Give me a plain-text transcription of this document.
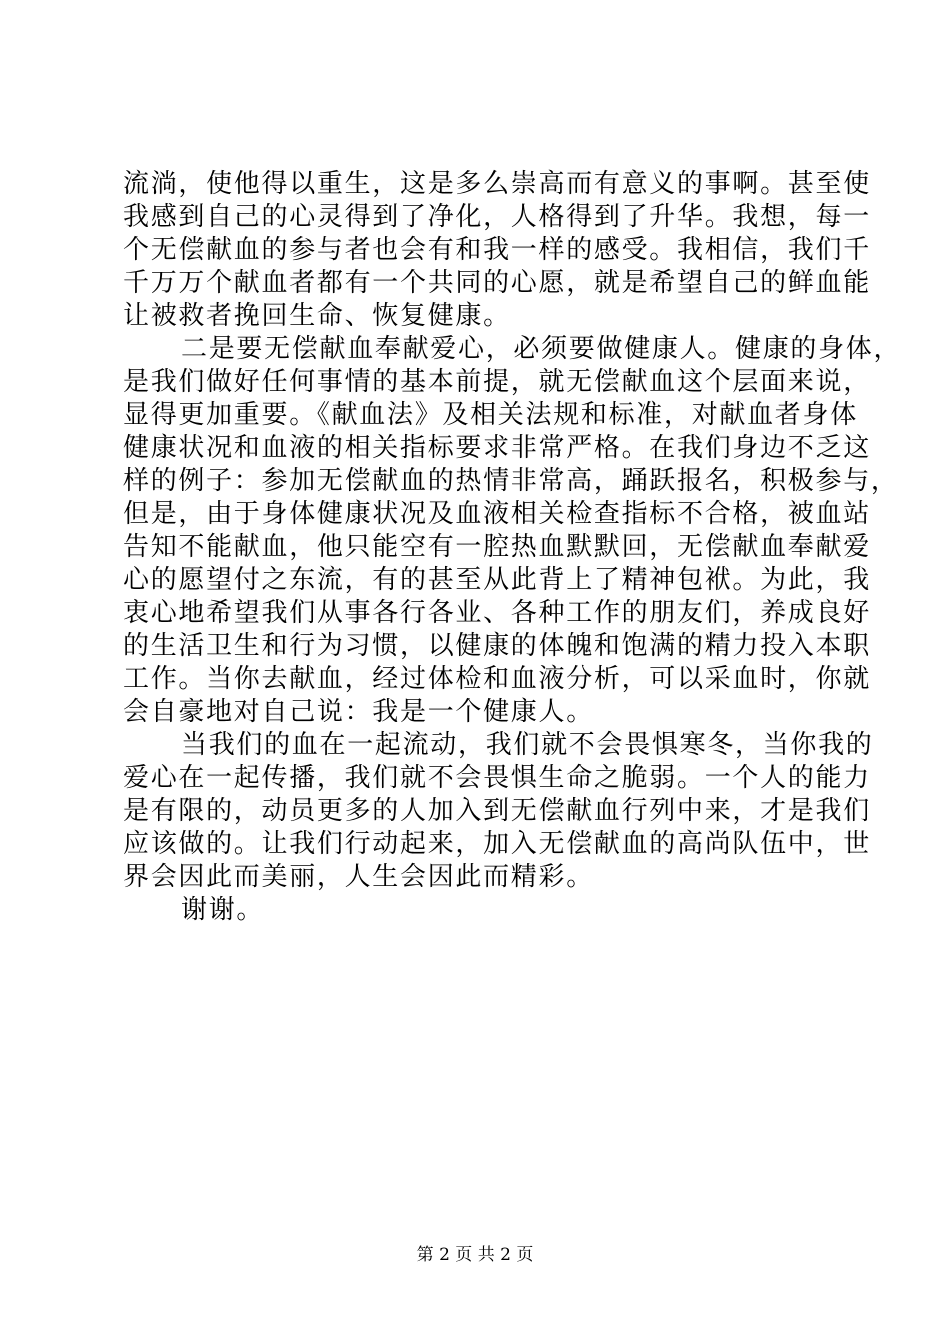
流淌，使他得以重生，这是多么崇高而有意义的事啊。甚至使
我感到自己的心灵得到了净化，人格得到了升华。我想，每一
个无偿献血的参与者也会有和我一样的感受。我相信，我们千
千万万个献血者都有一个共同的心愿，就是希望自己的鲜血能
让被救者挽回生命、恢复健康。
二是要无偿献血奉献爱心，必须要做健康人。健康的身体，
是我们做好任何事情的基本前提，就无偿献血这个层面来说，
显得更加重要。《献血法》及相关法规和标准，对献血者身体
健康状况和血液的相关指标要求非常严格。在我们身边不乏这
样的例子：参加无偿献血的热情非常高，踊跃报名，积极参与，
但是，由于身体健康状况及血液相关检查指标不合格，被血站
告知不能献血，他只能空有一腔热血默默回，无偿献血奉献爱
心的愿望付之东流，有的甚至从此背上了精神包袱。为此，我
衷心地希望我们从事各行各业、各种工作的朋友们，养成良好
的生活卫生和行为习惯，以健康的体魄和饱满的精力投入本职
工作。当你去献血，经过体检和血液分析，可以采血时，你就
会自豪地对自己说：我是一个健康人。
当我们的血在一起流动，我们就不会畏惧寒冬，当你我的
爱心在一起传播，我们就不会畏惧生命之脆弱。一个人的能力
是有限的，动员更多的人加入到无偿献血行列中来，才是我们
应该做的。让我们行动起来，加入无偿献血的高尚队伍中，世
界会因此而美丽，人生会因此而精彩。
谢谢。
第 2 页 共 2 页
